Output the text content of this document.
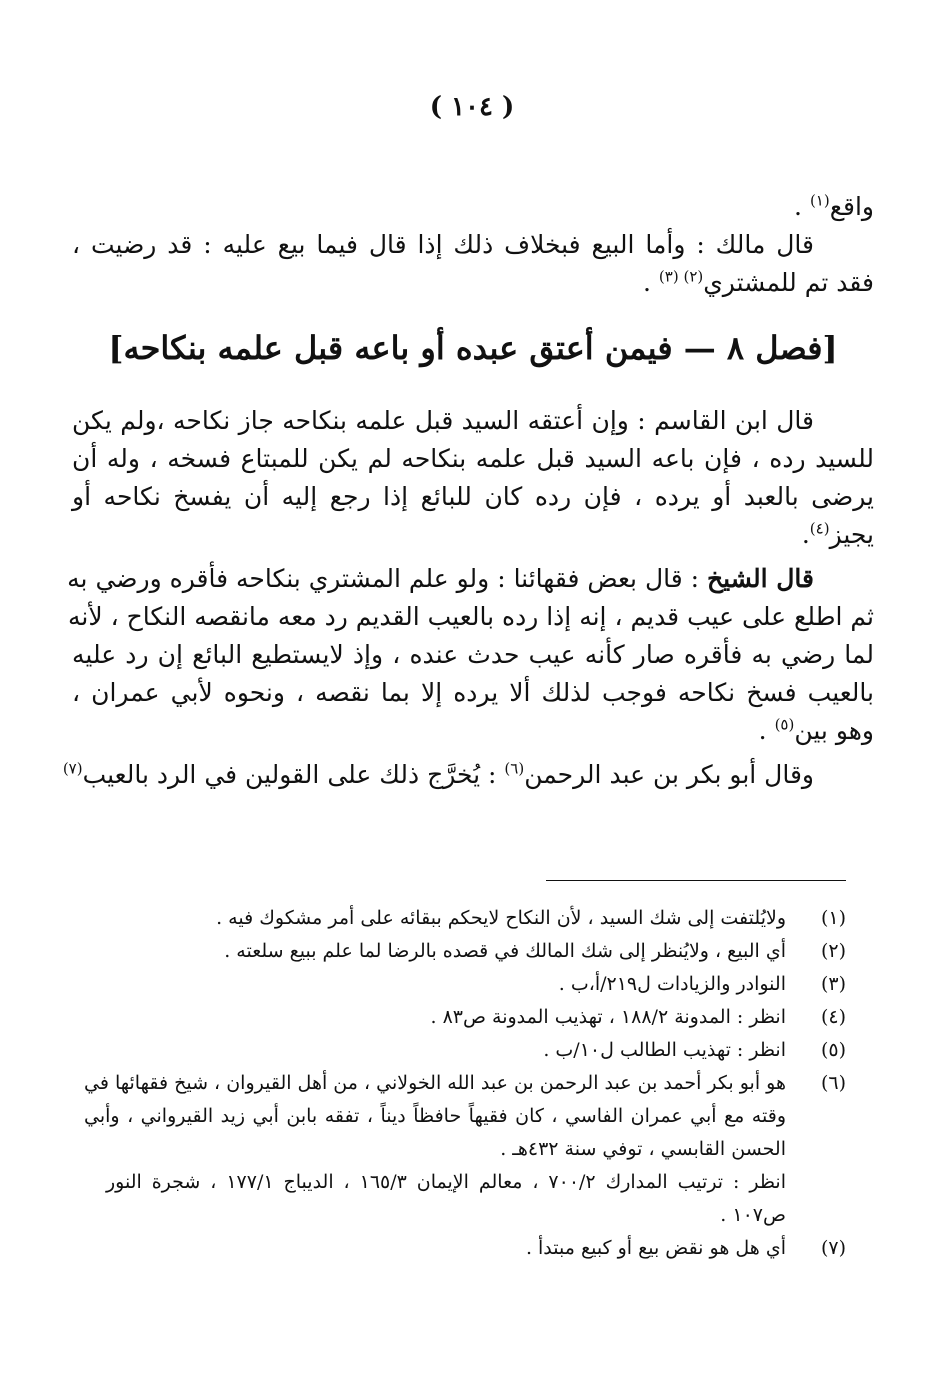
( ١٠٤ )
واقع$^{(١)}$ .
قال مالك : وأما البيع فبخلاف ذلك إذا قال فيما بيع عليه : قد رضيت ،
فقد تم للمشتري$^{(٢) (٣)}$ .
[فصل ٨ — فيمن أعتق عبده أو باعه قبل علمه بنكاحه]
قال ابن القاسم : وإن أعتقه السيد قبل علمه بنكاحه جاز نكاحه ،ولم يكن
للسيد رده ، فإن باعه السيد قبل علمه بنكاحه لم يكن للمبتاع فسخه ، وله أن
يرضى بالعبد أو يرده ، فإن رده كان للبائع إذا رجع إليه أن يفسخ نكاحه أو
يجيز$^{(٤)}$.
قال الشيخ : قال بعض فقهائنا : ولو علم المشتري بنكاحه فأقره ورضي به
ثم اطلع على عيب قديم ، إنه إذا رده بالعيب القديم رد معه مانقصه النكاح ، لأنه
لما رضي به فأقره صار كأنه عيب حدث عنده ، وإذ لايستطيع البائع إن رد عليه
بالعيب فسخ نكاحه فوجب لذلك ألا يرده إلا بما نقصه ، ونحوه لأبي عمران ،
وهو بين$^{(٥)}$ .
وقال أبو بكر بن عبد الرحمن$^{(٦)}$ : يُخرَّج ذلك على القولين في الرد بالعيب$^{(٧)}$
(١)
ولايُلتفت إلى شك السيد ، لأن النكاح لايحكم ببقائه على أمر مشكوك فيه .
(٢)
أي البيع ، ولايُنظر إلى شك المالك في قصده بالرضا لما علم ببيع سلعته .
(٣)
النوادر والزيادات ل٢١٩/أ،ب .
(٤)
انظر : المدونة ١٨٨/٢ ، تهذيب المدونة ص٨٣ .
(٥)
انظر : تهذيب الطالب ل١٠/ب .
(٦)
هو أبو بكر أحمد بن عبد الرحمن بن عبد الله الخولاني ، من أهل القيروان ، شيخ فقهائها في
وقته مع أبي عمران الفاسي ، كان فقيهاً حافظاً ديناً ، تفقه بابن أبي زيد القيرواني ، وأبي
الحسن القابسي ، توفي سنة ٤٣٢هـ .
انظر : ترتيب المدارك ٧٠٠/٢ ، معالم الإيمان ١٦٥/٣ ، الديباج ١٧٧/١ ، شجرة النور
ص١٠٧ .
(٧)
أي هل هو نقض بيع أو كبيع مبتدأ .
